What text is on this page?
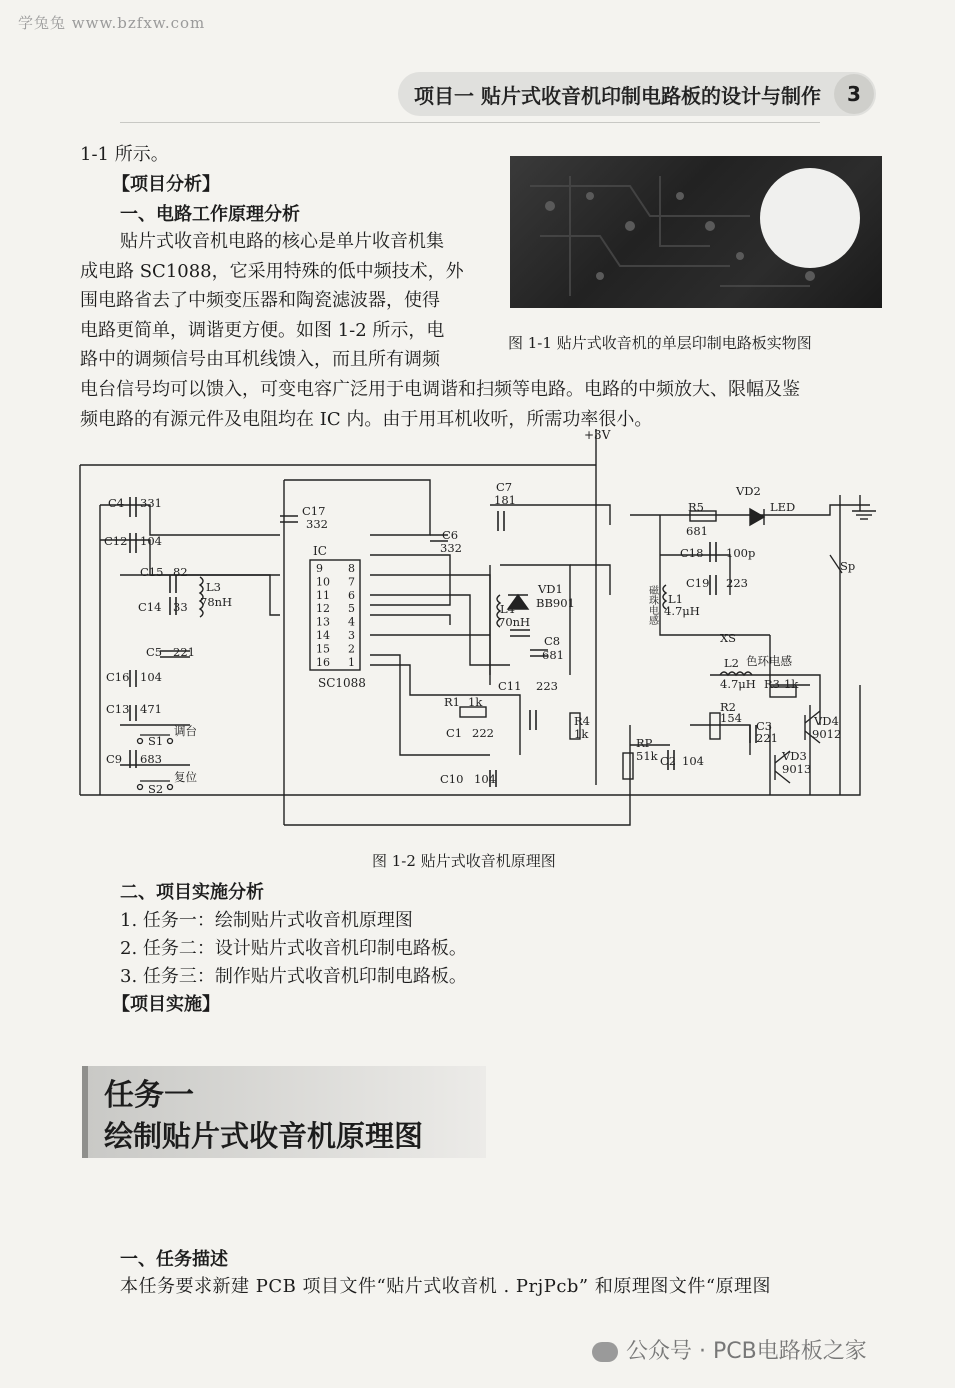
学兔兔 www.bzfxw.com
项目一 贴片式收音机印制电路板的设计与制作	3
1-1 所示。
【项目分析】
一、电路工作原理分析

贴片式收音机电路的核心是单片收音机集

成电路 SC1088，它采用特殊的低中频技术，外

围电路省去了中频变压器和陶瓷滤波器，使得

电路更简单，调谐更方便。如图 1-2 所示，电

路中的调频信号由耳机线馈入，而且所有调频

电台信号均可以馈入，可变电容广泛用于电调谐和扫频等电路。电路的中频放大、限幅及鉴

频电路的有源元件及电阻均在 IC 内。由于用耳机收听，所需功率很小。

图 1-1 贴片式收音机的单层印制电路板实物图
+3V
IC
SC1088
9
10
11
12
13
14
15
16
8
7
6
5
4
3
2
1
C4 331
C12 104
C17
332
C6
332
C7
181
C15 82
L3
78nH
C14 33
C5 221
C16 104
C13 471
S1
调台
C9 683
S2
复位
VD1
BB901
L4
70nH
C8
681
C11 223
R1 1k
C1 222
C10 104
R4
1k
RP
51k C2 104
VD2
LED
R5
681
C18 100p
C19 223
L1
4.7μH
磁珠电感
XS
L2 色环电感
4.7μH R3 1k
R2
154
C3
221
VD4
9012
VD3
9013
Sp
图 1-2 贴片式收音机原理图
二、项目实施分析
1. 任务一：绘制贴片式收音机原理图
2. 任务二：设计贴片式收音机印制电路板。
3. 任务三：制作贴片式收音机印制电路板。
【项目实施】
任务一
绘制贴片式收音机原理图
一、任务描述
本任务要求新建 PCB 项目文件“贴片式收音机 . PrjPcb” 和原理图文件“原理图
公众号 · PCB电路板之家
